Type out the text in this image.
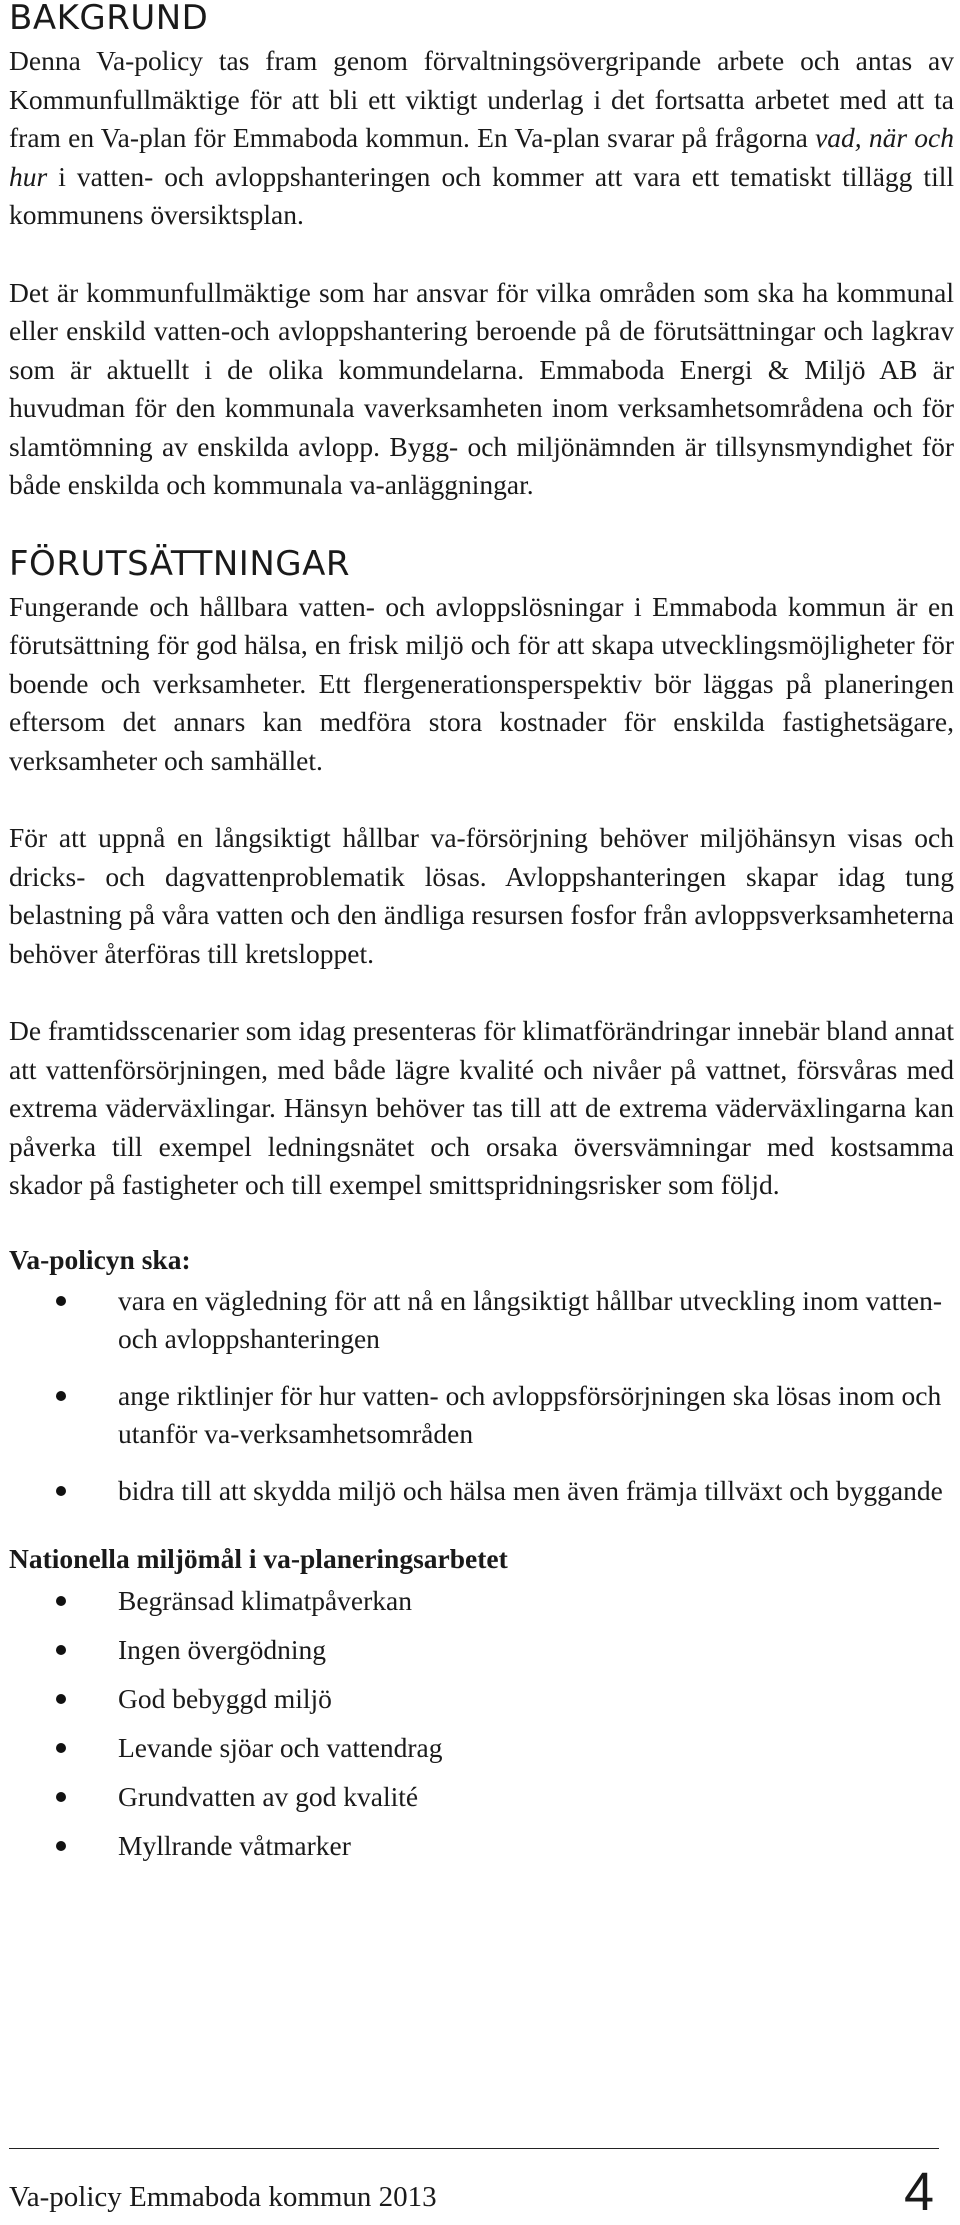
BAKGRUND

Denna Va-policy tas fram genom förvaltningsövergripande arbete och antas av Kommunfullmäktige för att bli ett viktigt underlag i det fortsatta arbetet med att ta fram en Va-plan för Emmaboda kommun. En Va-plan svarar på frågorna vad, när och hur i vatten- och avloppshanteringen och kommer att vara ett tematiskt tillägg till kommunens översiktsplan.

Det är kommunfullmäktige som har ansvar för vilka områden som ska ha kommunal eller enskild vatten-och avloppshantering beroende på de förutsättningar och lagkrav som är aktuellt i de olika kommundelarna. Emmaboda Energi & Miljö AB är huvudman för den kommunala vaverksamheten inom verksamhetsområdena och för slamtömning av enskilda avlopp. Bygg- och miljönämnden är tillsynsmyndighet för både enskilda och kommunala va-anläggningar.

FÖRUTSÄTTNINGAR

Fungerande och hållbara vatten- och avloppslösningar i Emmaboda kommun är en förutsättning för god hälsa, en frisk miljö och för att skapa utvecklingsmöjligheter för boende och verksamheter. Ett flergenerationsperspektiv bör läggas på planeringen eftersom det annars kan medföra stora kostnader för enskilda fastighetsägare, verksamheter och samhället.

För att uppnå en långsiktigt hållbar va-försörjning behöver miljöhänsyn visas och dricks- och dagvattenproblematik lösas. Avloppshanteringen skapar idag tung belastning på våra vatten och den ändliga resursen fosfor från avloppsverksamheterna behöver återföras till kretsloppet.

De framtidsscenarier som idag presenteras för klimatförändringar innebär bland annat att vattenförsörjningen, med både lägre kvalité och nivåer på vattnet, försvåras med extrema väderväxlingar. Hänsyn behöver tas till att de extrema väderväxlingarna kan påverka till exempel ledningsnätet och orsaka översvämningar med kostsamma skador på fastigheter och till exempel smittspridningsrisker som följd.

Va-policyn ska:

vara en vägledning för att nå en långsiktigt hållbar utveckling inom vatten- och avloppshanteringen
ange riktlinjer för hur vatten- och avloppsförsörjningen ska lösas inom och utanför va-verksamhetsområden
bidra till att skydda miljö och hälsa men även främja tillväxt och byggande

Nationella miljömål i va-planeringsarbetet

Begränsad klimatpåverkan
Ingen övergödning
God bebyggd miljö
Levande sjöar och vattendrag
Grundvatten av god kvalité
Myllrande våtmarker
Va-policy Emmaboda kommun 2013	4
